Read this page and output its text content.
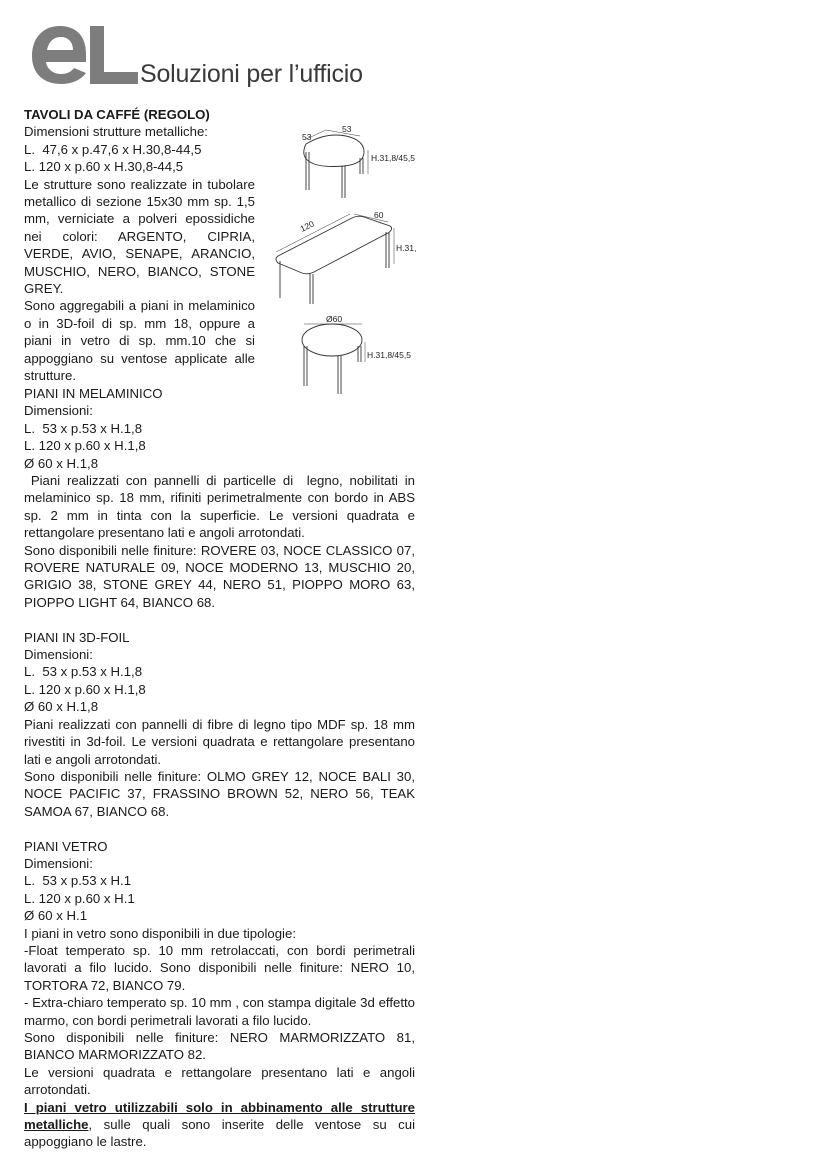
Soluzioni per l’ufficio

TAVOLI DA CAFFÉ (REGOLO)

Dimensioni strutture metalliche:

L.  47,6 x p.47,6 x H.30,8-44,5

L. 120 x p.60 x H.30,8-44,5

Le strutture sono realizzate in tubolare metallico di sezione 15x30 mm sp. 1,5 mm, verniciate a polveri epossidiche nei colori: ARGENTO, CIPRIA, VERDE, AVIO, SENAPE, ARANCIO, MUSCHIO, NERO, BIANCO, STONE GREY.

Sono aggregabili a piani in melaminico o in 3D-foil di sp. mm 18, oppure a piani in vetro di sp. mm.10 che si appoggiano su ventose applicate alle strutture.

53
53
H.31,8/45,5
120
60
H.31,
Ø60
H.31,8/45,5

PIANI IN MELAMINICO

Dimensioni:

L.  53 x p.53 x H.1,8

L. 120 x p.60 x H.1,8

Ø 60 x H.1,8

Piani realizzati con pannelli di particelle di  legno, nobilitati in melaminico sp. 18 mm, rifiniti perimetralmente con bordo in ABS  sp. 2 mm in tinta con la superficie. Le versioni quadrata e rettangolare presentano lati e angoli arrotondati.

Sono disponibili nelle finiture: ROVERE 03, NOCE CLASSICO 07, ROVERE NATURALE 09, NOCE MODERNO 13, MUSCHIO 20, GRIGIO 38, STONE GREY 44, NERO 51, PIOPPO MORO 63, PIOPPO LIGHT 64, BIANCO 68.

PIANI IN 3D-FOIL

Dimensioni:

L.  53 x p.53 x H.1,8

L. 120 x p.60 x H.1,8

Ø 60 x H.1,8

Piani realizzati con pannelli di fibre di legno tipo MDF sp. 18 mm rivestiti in 3d-foil. Le versioni quadrata e rettangolare presentano lati e angoli arrotondati.

Sono disponibili nelle finiture: OLMO GREY 12, NOCE BALI 30, NOCE PACIFIC 37, FRASSINO BROWN 52, NERO 56, TEAK SAMOA 67, BIANCO 68.

PIANI VETRO

Dimensioni:

L.  53 x p.53 x H.1

L. 120 x p.60 x H.1

Ø 60 x H.1

I piani in vetro sono disponibili in due tipologie:

-Float temperato sp. 10 mm retrolaccati, con bordi perimetrali lavorati a filo lucido. Sono disponibili nelle finiture: NERO 10, TORTORA 72, BIANCO 79.

- Extra-chiaro temperato sp. 10 mm , con stampa digitale 3d effetto marmo, con bordi perimetrali lavorati a filo lucido.

Sono disponibili nelle finiture: NERO MARMORIZZATO 81, BIANCO MARMORIZZATO 82.

Le versioni quadrata e rettangolare presentano lati e angoli arrotondati.

I piani vetro utilizzabili solo in abbinamento alle strutture metalliche, sulle quali sono inserite delle ventose su cui appoggiano le lastre.
